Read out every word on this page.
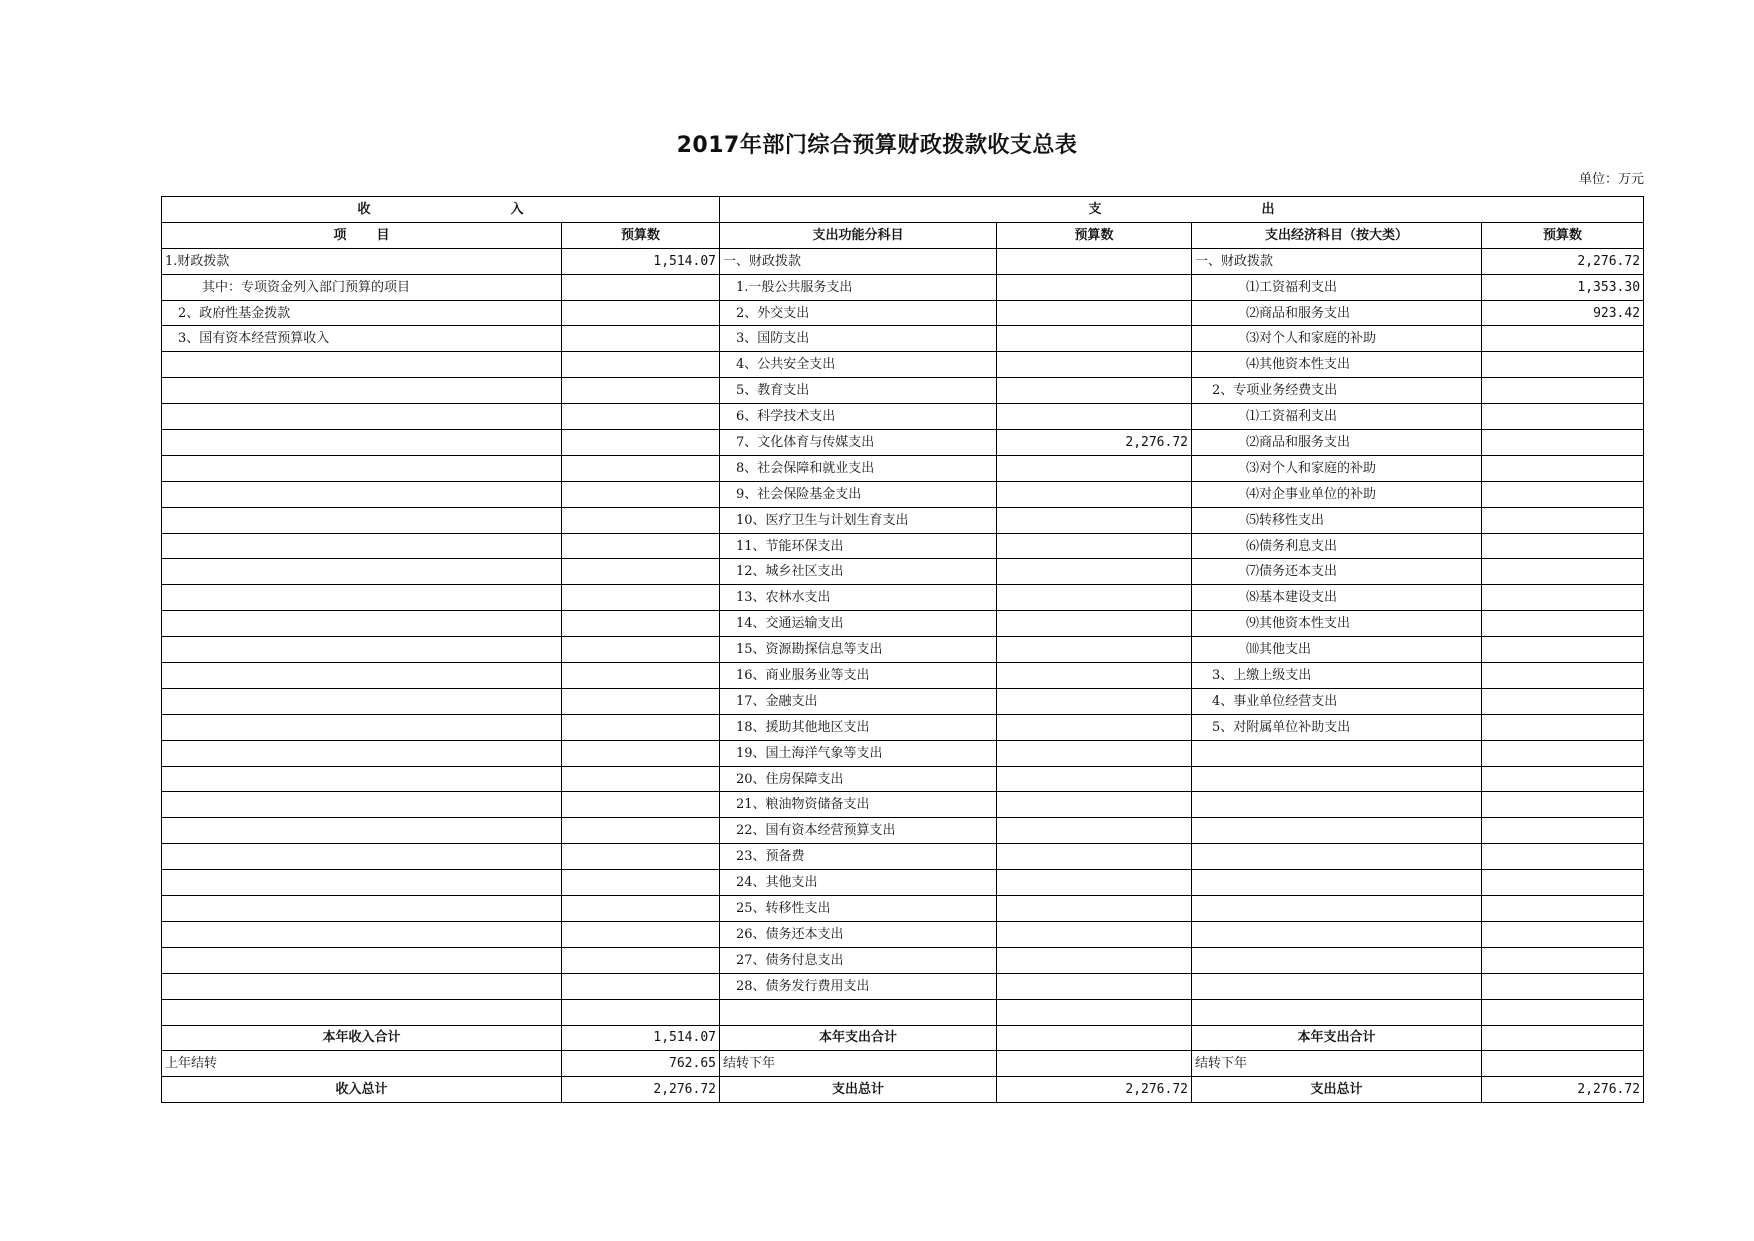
2017年部门综合预算财政拨款收支总表
单位：万元
收 入		支 出			
项 目	预算数	支出功能分科目	预算数	支出经济科目（按大类）	预算数
1.财政拨款	1,514.07	一、财政拨款		一、财政拨款	2,276.72
其中：专项资金列入部门预算的项目		1.一般公共服务支出		⑴工资福利支出	1,353.30
2、政府性基金拨款		2、外交支出		⑵商品和服务支出	923.42
3、国有资本经营预算收入		3、国防支出		⑶对个人和家庭的补助	
		4、公共安全支出		⑷其他资本性支出	
		5、教育支出		2、专项业务经费支出	
		6、科学技术支出		⑴工资福利支出	
		7、文化体育与传媒支出	2,276.72	⑵商品和服务支出	
		8、社会保障和就业支出		⑶对个人和家庭的补助	
		9、社会保险基金支出		⑷对企事业单位的补助	
		10、医疗卫生与计划生育支出		⑸转移性支出	
		11、节能环保支出		⑹债务利息支出	
		12、城乡社区支出		⑺债务还本支出	
		13、农林水支出		⑻基本建设支出	
		14、交通运输支出		⑼其他资本性支出	
		15、资源勘探信息等支出		⑽其他支出	
		16、商业服务业等支出		3、上缴上级支出	
		17、金融支出		4、事业单位经营支出	
		18、援助其他地区支出		5、对附属单位补助支出	
		19、国土海洋气象等支出			
		20、住房保障支出			
		21、粮油物资储备支出			
		22、国有资本经营预算支出			
		23、预备费			
		24、其他支出			
		25、转移性支出			
		26、债务还本支出			
		27、债务付息支出			
		28、债务发行费用支出			

本年收入合计	1,514.07	本年支出合计		本年支出合计	
上年结转	762.65	结转下年		结转下年	
收入总计	2,276.72	支出总计	2,276.72	支出总计	2,276.72
